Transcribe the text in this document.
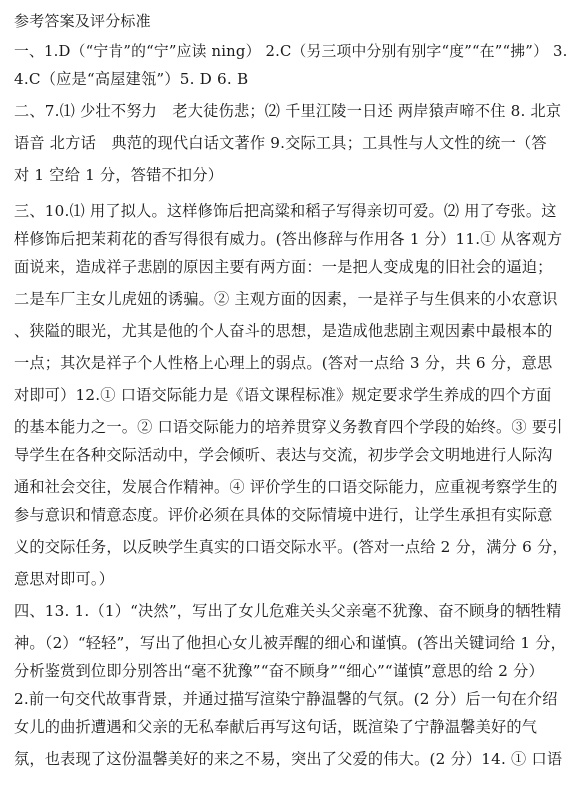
参考答案及评分标准
一、1.D（“宁肯”的“宁”应读 ning） 2.C（另三项中分别有别字“度”“在”“拂”） 3.
4.C（应是“高屋建瓴”）5. D 6. B
二、7.⑴ 少壮不努力　老大徒伤悲；⑵ 千里江陵一日还 两岸猿声啼不住 8. 北京
语音 北方话　典范的现代白话文著作 9.交际工具；工具性与人文性的统一（答
对 1 空给 1 分，答错不扣分）
三、10.⑴ 用了拟人。这样修饰后把高粱和稻子写得亲切可爱。⑵ 用了夸张。这
样修饰后把茉莉花的香写得很有威力。(答出修辞与作用各 1 分）11.① 从客观方
面说来，造成祥子悲剧的原因主要有两方面：一是把人变成鬼的旧社会的逼迫；
二是车厂主女儿虎妞的诱骗。② 主观方面的因素，一是祥子与生俱来的小农意识
、狭隘的眼光，尤其是他的个人奋斗的思想，是造成他悲剧主观因素中最根本的
一点；其次是祥子个人性格上心理上的弱点。(答对一点给 3 分，共 6 分，意思
对即可）12.① 口语交际能力是《语文课程标准》规定要求学生养成的四个方面
的基本能力之一。② 口语交际能力的培养贯穿义务教育四个学段的始终。③ 要引
导学生在各种交际活动中，学会倾听、表达与交流，初步学会文明地进行人际沟
通和社会交往，发展合作精神。④ 评价学生的口语交际能力，应重视考察学生的
参与意识和情意态度。评价必须在具体的交际情境中进行，让学生承担有实际意
义的交际任务，以反映学生真实的口语交际水平。(答对一点给 2 分，满分 6 分，
意思对即可。）
四、13. 1.（1）“决然”，写出了女儿危难关头父亲毫不犹豫、奋不顾身的牺牲精
神。（2）“轻轻”，写出了他担心女儿被弄醒的细心和谨慎。(答出关键词给 1 分，
分析鉴赏到位即分别答出“毫不犹豫”“奋不顾身”“细心”“谨慎”意思的给 2 分）
2.前一句交代故事背景，并通过描写渲染宁静温馨的气氛。(2 分）后一句在介绍
女儿的曲折遭遇和父亲的无私奉献后再写这句话，既渲染了宁静温馨美好的气
氛，也表现了这份温馨美好的来之不易，突出了父爱的伟大。(2 分）14. ① 口语
